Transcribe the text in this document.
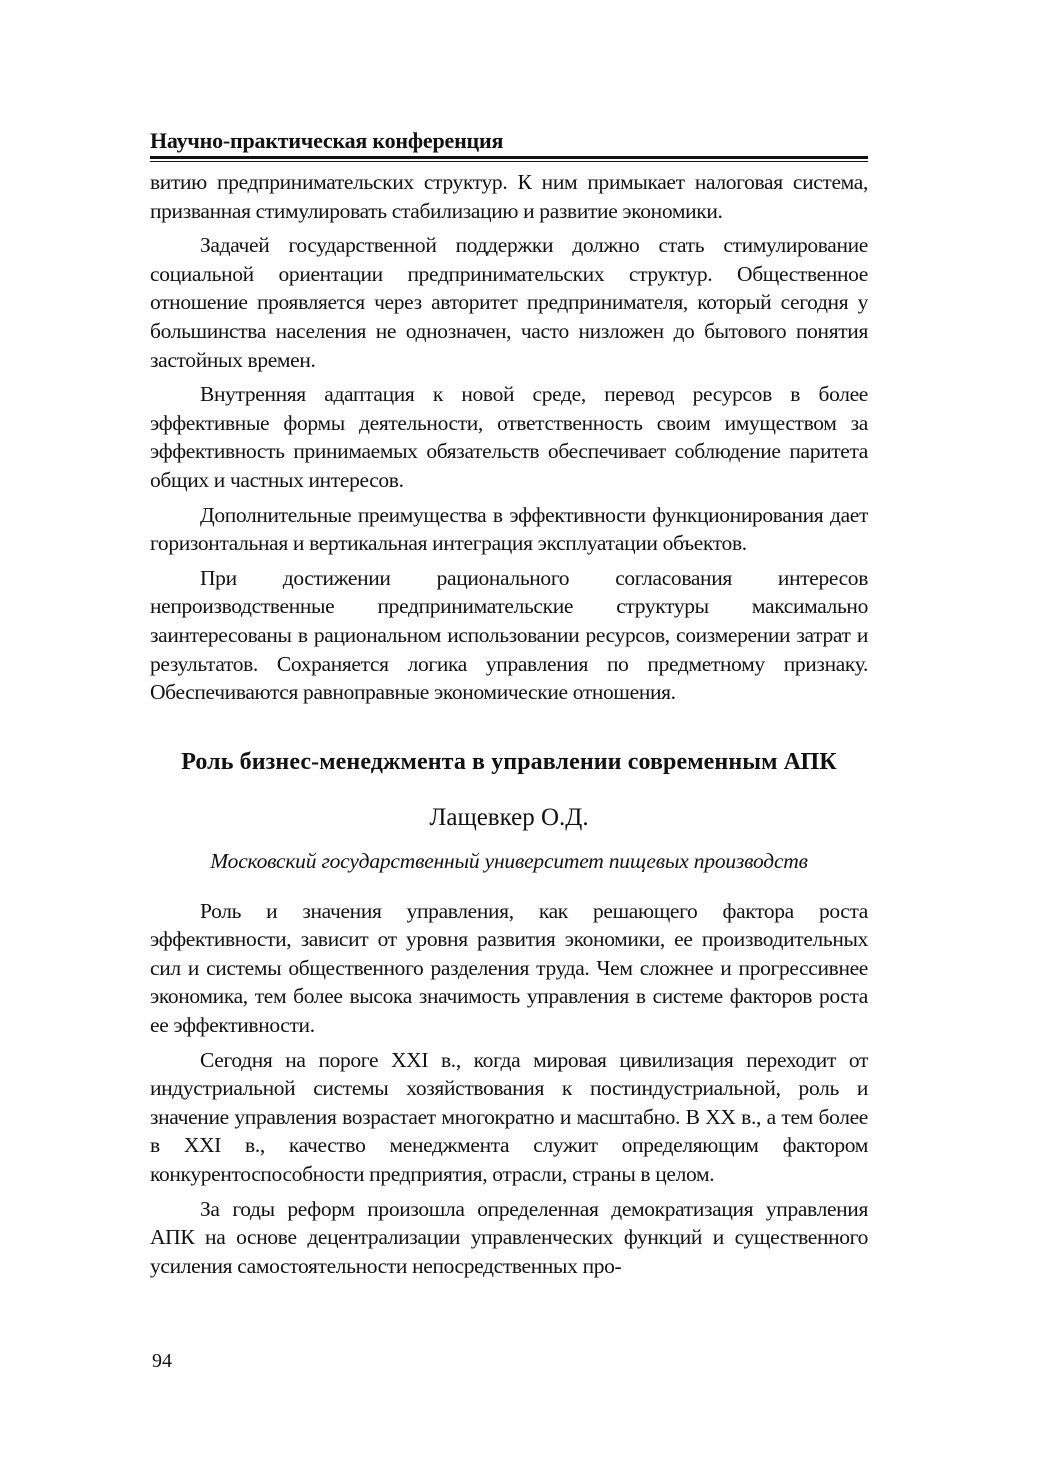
Научно-практическая конференция

витию предпринимательских структур. К ним примыкает налоговая система, призванная стимулировать стабилизацию и развитие экономики.

Задачей государственной поддержки должно стать стимулирование социальной ориентации предпринимательских структур. Общественное отношение проявляется через авторитет предпринимателя, который сегодня у большинства населения не однозначен, часто низложен до бытового понятия застойных времен.

Внутренняя адаптация к новой среде, перевод ресурсов в более эффективные формы деятельности, ответственность своим имуществом за эффективность принимаемых обязательств обеспечивает соблюдение паритета общих и частных интересов.

Дополнительные преимущества в эффективности функционирования дает горизонтальная и вертикальная интеграция эксплуатации объектов.

При достижении рационального согласования интересов непроизводственные предпринимательские структуры максимально заинтересованы в рациональном использовании ресурсов, соизмерении затрат и результатов. Сохраняется логика управления по предметному признаку. Обеспечиваются равноправные экономические отношения.

Роль бизнес-менеджмента в управлении современным АПК
Лащевкер О.Д.
Московский государственный университет пищевых производств

Роль и значения управления, как решающего фактора роста эффективности, зависит от уровня развития экономики, ее производительных сил и системы общественного разделения труда. Чем сложнее и прогрессивнее экономика, тем более высока значимость управления в системе факторов роста ее эффективности.

Сегодня на пороге XXI в., когда мировая цивилизация переходит от индустриальной системы хозяйствования к постиндустриальной, роль и значение управления возрастает многократно и масштабно. В XX в., а тем более в XXI в., качество менеджмента служит определяющим фактором конкурентоспособности предприятия, отрасли, страны в целом.

За годы реформ произошла определенная демократизация управления АПК на основе децентрализации управленческих функций и существенного усиления самостоятельности непосредственных про-

94
